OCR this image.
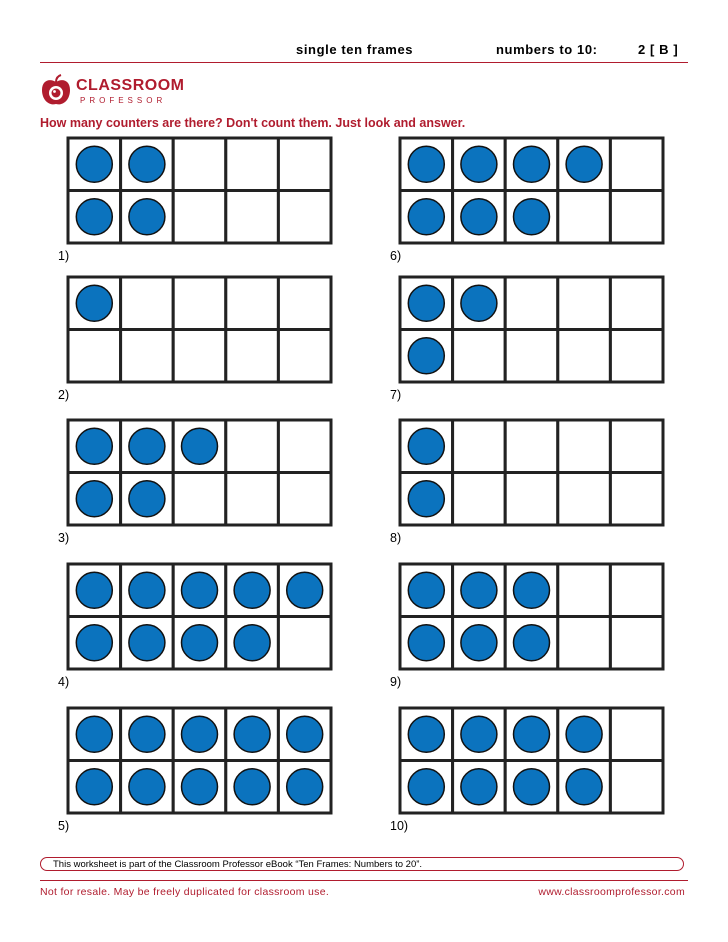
single ten frames	numbers to 10:	2 [ B ]
CLASSROOM
PROFESSOR
How many counters are there? Don't count them. Just look and answer.
1)
2)
3)
4)
5)
6)
7)
8)
9)
10)
This worksheet is part of the Classroom Professor eBook “Ten Frames: Numbers to 20”.
Not for resale. May be freely duplicated for classroom use.	www.classroomprofessor.com
